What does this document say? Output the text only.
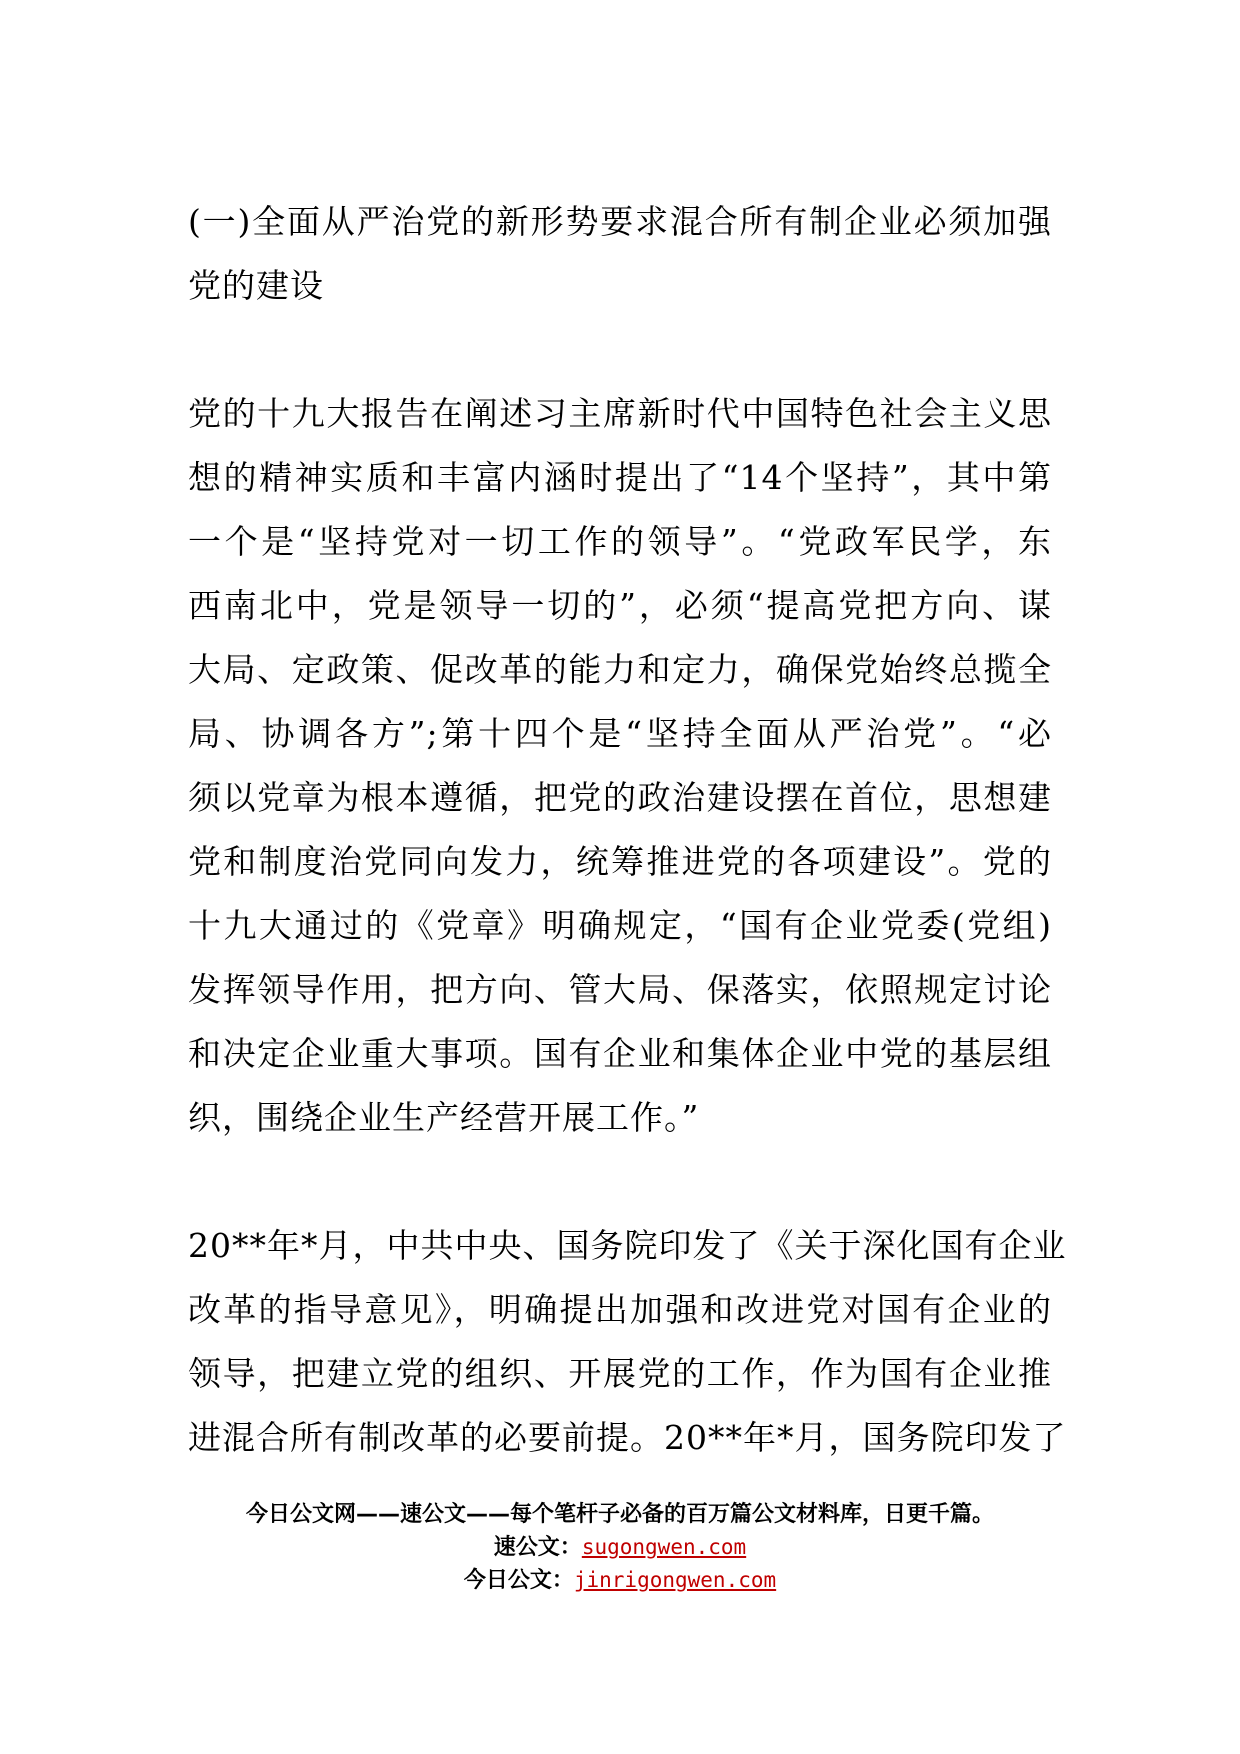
(一)全面从严治党的新形势要求混合所有制企业必须加强
党的建设
党的十九大报告在阐述习主席新时代中国特色社会主义思
想的精神实质和丰富内涵时提出了“14个坚持”，其中第
一个是“坚持党对一切工作的领导”。“党政军民学，东
西南北中，党是领导一切的”，必须“提高党把方向、谋
大局、定政策、促改革的能力和定力，确保党始终总揽全
局、协调各方”;第十四个是“坚持全面从严治党”。“必
须以党章为根本遵循，把党的政治建设摆在首位，思想建
党和制度治党同向发力，统筹推进党的各项建设”。党的
十九大通过的《党章》明确规定，“国有企业党委(党组)
发挥领导作用，把方向、管大局、保落实，依照规定讨论
和决定企业重大事项。国有企业和集体企业中党的基层组
织，围绕企业生产经营开展工作。”
20**年*月，中共中央、国务院印发了《关于深化国有企业
改革的指导意见》，明确提出加强和改进党对国有企业的
领导，把建立党的组织、开展党的工作，作为国有企业推
进混合所有制改革的必要前提。20**年*月，国务院印发了
今日公文网——速公文——每个笔杆子必备的百万篇公文材料库，日更千篇。
速公文：sugongwen.com
今日公文：jinrigongwen.com
